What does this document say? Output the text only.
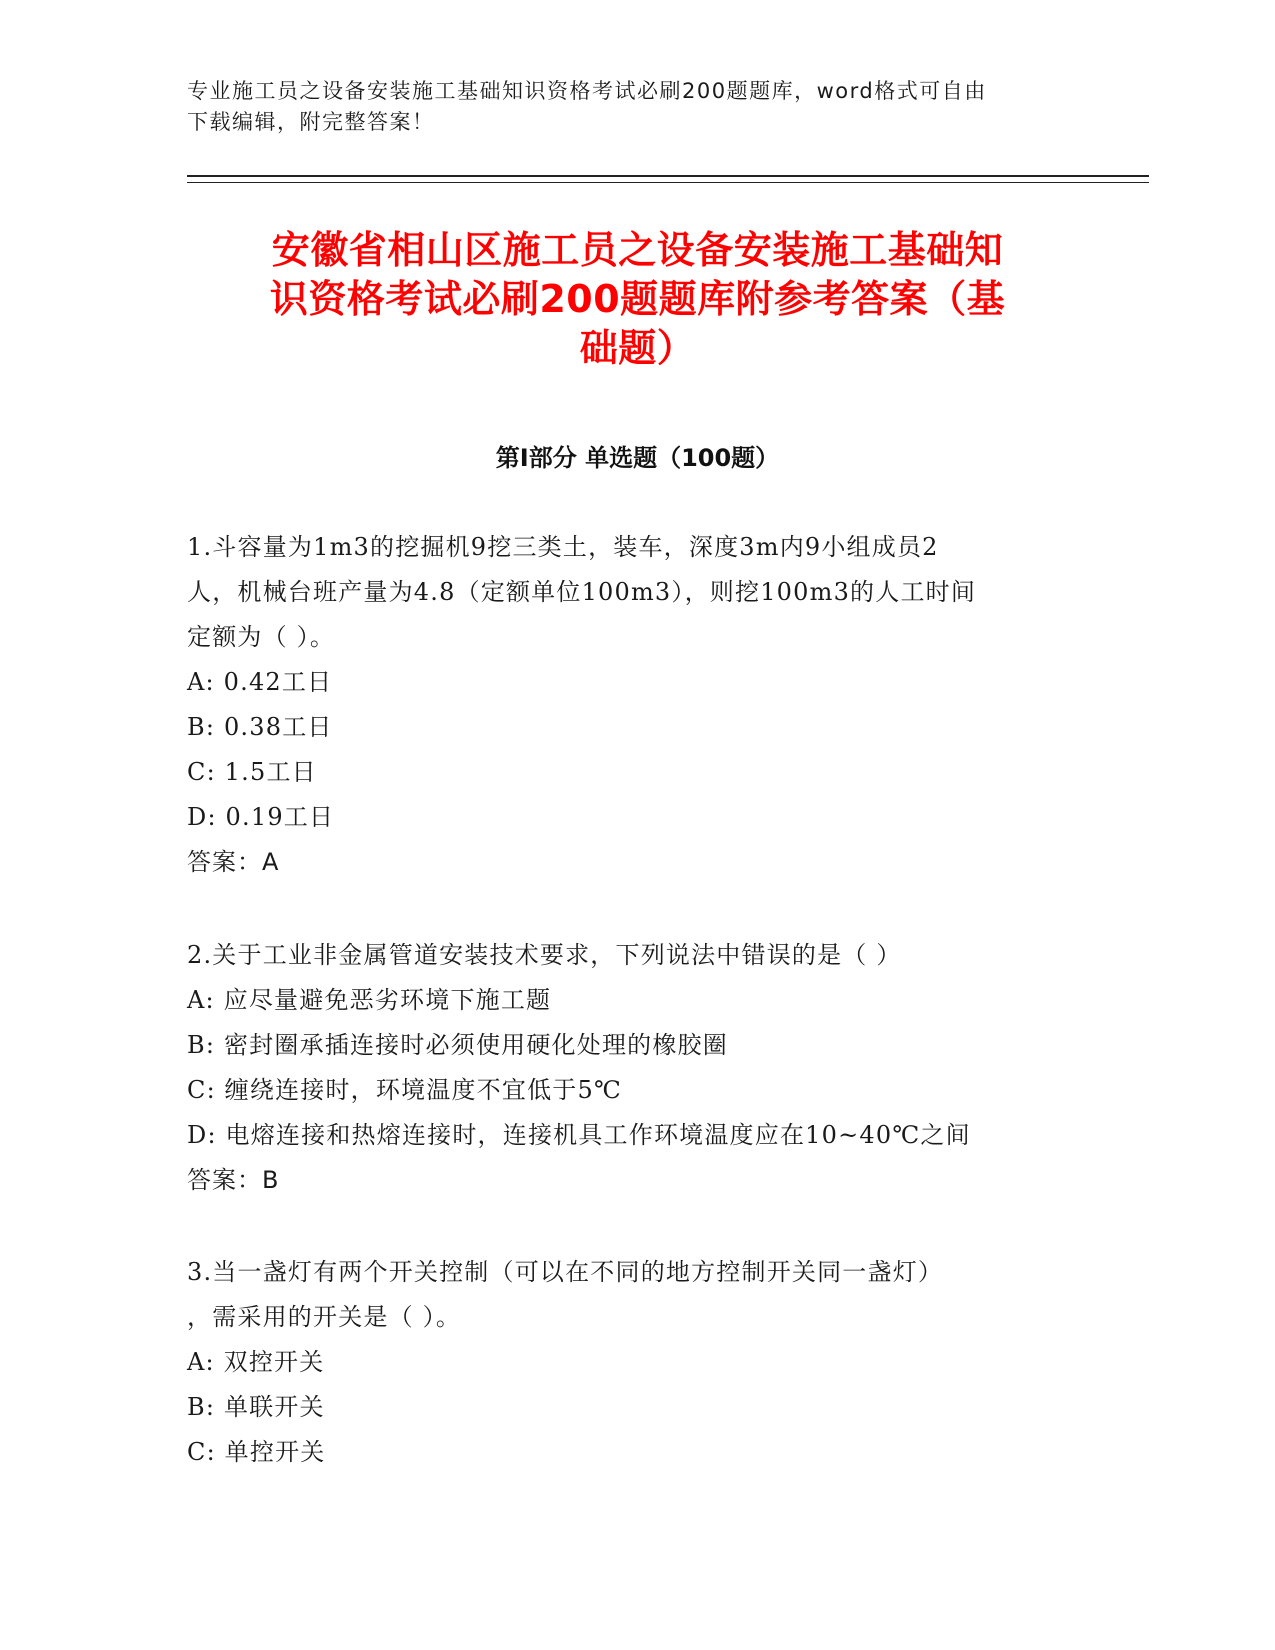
专业施工员之设备安装施工基础知识资格考试必刷200题题库，word格式可自由
下载编辑，附完整答案！
安徽省相山区施工员之设备安装施工基础知
识资格考试必刷200题题库附参考答案（基
础题）
第I部分 单选题（100题）
1.斗容量为1m3的挖掘机9挖三类土，装车，深度3m内9小组成员2
人，机械台班产量为4.8（定额单位100m3），则挖100m3的人工时间
定额为（ ）。
A: 0.42工日
B: 0.38工日
C: 1.5工日
D: 0.19工日
答案：A
2.关于工业非金属管道安装技术要求，下列说法中错误的是（ ）
A: 应尽量避免恶劣环境下施工题
B: 密封圈承插连接时必须使用硬化处理的橡胶圈
C: 缠绕连接时，环境温度不宜低于5℃
D: 电熔连接和热熔连接时，连接机具工作环境温度应在10~40℃之间
答案：B
3.当一盏灯有两个开关控制（可以在不同的地方控制开关同一盏灯）
，需采用的开关是（ ）。
A: 双控开关
B: 单联开关
C: 单控开关
